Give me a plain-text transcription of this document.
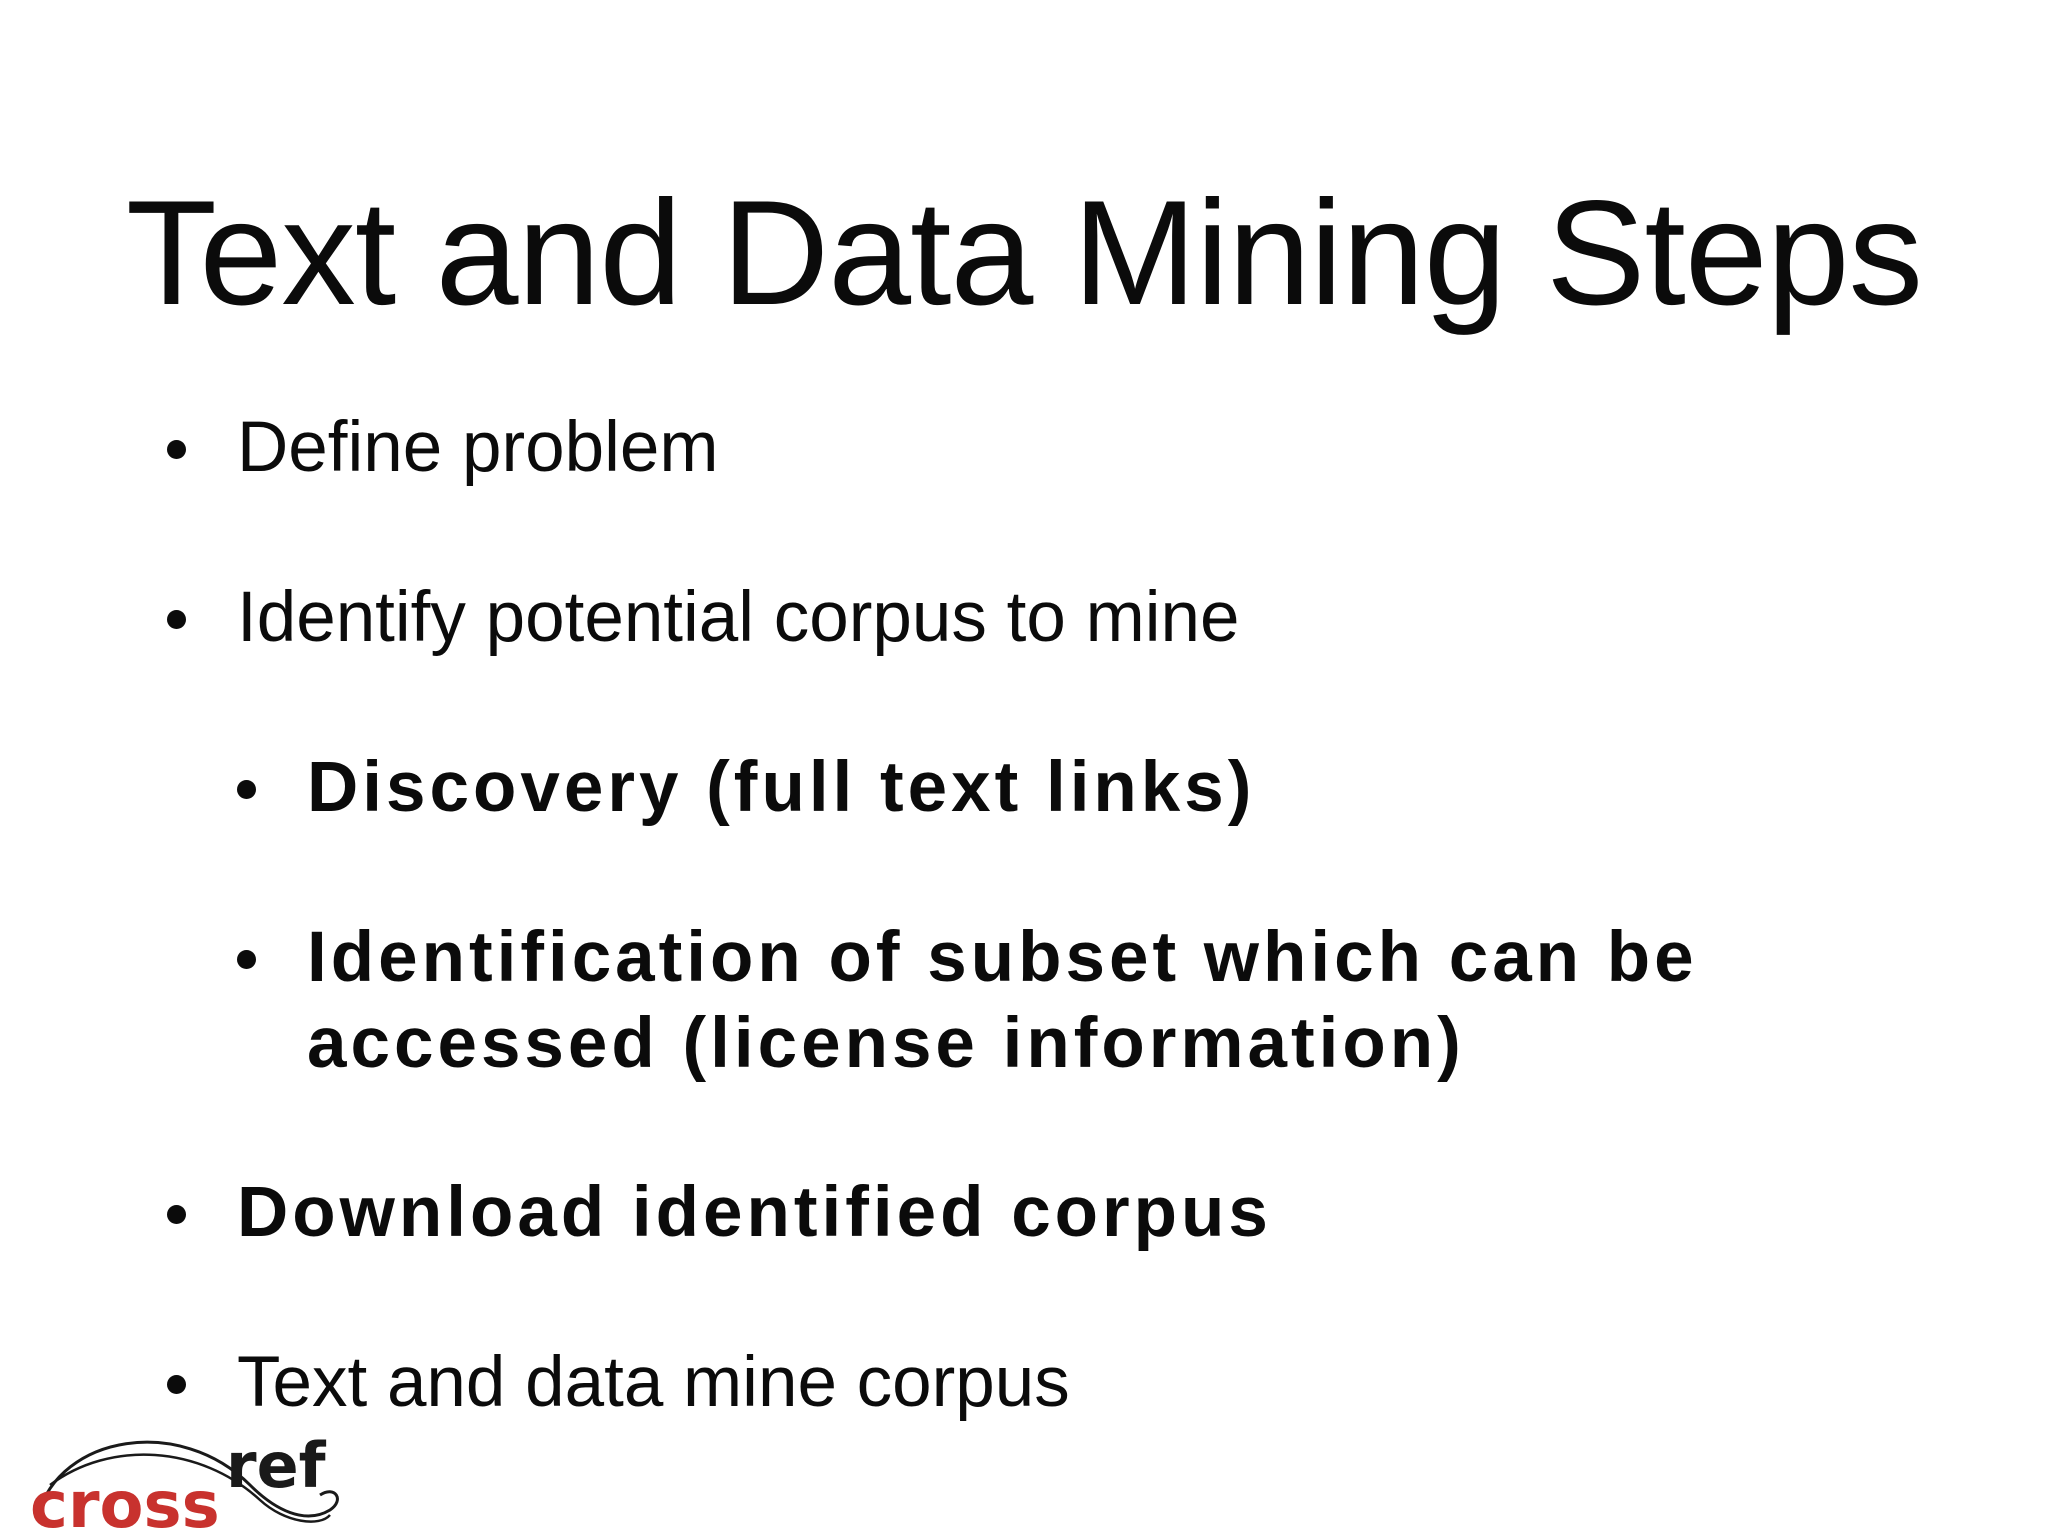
Text and Data Mining Steps
Define problem
Identify potential corpus to mine
Discovery (full text links)
Identification of subset which can be
accessed (license information)
Download identified corpus
Text and data mine corpus
cross
ref
